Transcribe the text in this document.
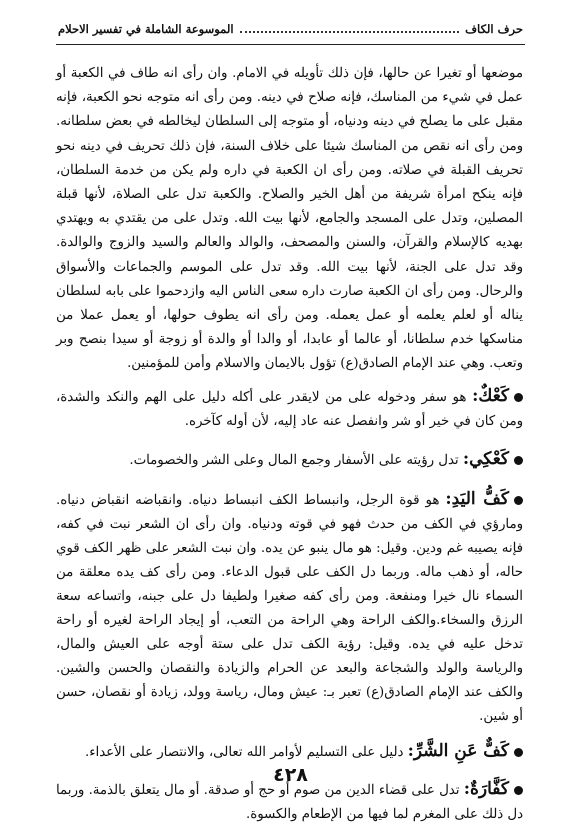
حرف الكاف
الموسوعة الشاملة في تفسير الاحلام

موضعها أو تغيرا عن حالها، فإن ذلك تأويله في الامام. وان رأى انه طاف في الكعبة أو عمل في شيء من المناسك، فإنه صلاح في دينه. ومن رأى انه متوجه نحو الكعبة، فإنه مقبل على ما يصلح في دينه ودنياه، أو متوجه إلى السلطان ليخالطه في بعض سلطانه. ومن رأى انه نقص من المناسك شيئا على خلاف السنة، فإن ذلك تحريف في دينه نحو تحريف القبلة في صلاته. ومن رأى ان الكعبة في داره ولم يكن من خدمة السلطان، فإنه ينكح امرأة شريفة من أهل الخير والصلاح. والكعبة تدل على الصلاة، لأنها قبلة المصلين، وتدل على المسجد والجامع، لأنها بيت الله. وتدل على من يقتدي به ويهتدي بهديه كالإسلام والقرآن، والسنن والمصحف، والوالد والعالم والسيد والزوج والوالدة. وقد تدل على الجنة، لأنها بيت الله. وقد تدل على الموسم والجماعات والأسواق والرحال. ومن رأى ان الكعبة صارت داره سعى الناس اليه وازدحموا على بابه لسلطان يناله أو لعلم يعلمه أو عمل يعمله. ومن رأى انه يطوف حولها، أو يعمل عملا من مناسكها خدم سلطانا، أو عالما أو عابدا، أو والدا أو والدة أو زوجة أو سيدا بنصح وبر وتعب. وهي عند الإمام الصادق(ع) تؤول بالايمان والاسلام وأمن للمؤمنين.

كَعْكٌ: هو سفر ودخوله على من لايقدر على أكله دليل على الهم والنكد والشدة، ومن كان في خير أو شر وانفصل عنه عاد إليه، لأن أوله كآخره.

كَعْكِي: تدل رؤيته على الأسفار وجمع المال وعلى الشر والخصومات.

كَفُّ اليَدِ: هو قوة الرجل، وانبساط الكف انبساط دنياه. وانقباضه انقباض دنياه. ومارؤي في الكف من حدث فهو في قوته ودنياه. وان رأى ان الشعر نبت في كفه، فإنه يصيبه غم ودين. وقيل: هو مال ينبو عن يده. وان نبت الشعر على ظهر الكف قوي حاله، أو ذهب ماله. وربما دل الكف على قبول الدعاء. ومن رأى كف يده معلقة من السماء نال خيرا ومنفعة. ومن رأى كفه صغيرا ولطيفا دل على جبنه، واتساعه سعة الرزق والسخاء.والكف الراحة وهي الراحة من التعب، أو إيجاد الراحة لغيره أو راحة تدخل عليه في يده. وقيل: رؤية الكف تدل على ستة أوجه على العيش والمال، والرياسة والولد والشجاعة والبعد عن الحرام والزيادة والنقصان والحسن والشين. والكف عند الإمام الصادق(ع) تعبر بـ: عيش ومال، رياسة وولد، زيادة أو نقصان، حسن أو شين.

كَفٌّ عَنِ الشَّرِّ: دليل على التسليم لأوامر الله تعالى، والانتصار على الأعداء.

كَفَّارَةٌ: تدل على قضاء الدين من صوم أو حج أو صدقة. أو مال يتعلق بالذمة. وربما دل ذلك على المغرم لما فيها من الإطعام والكسوة.

٤٢٨
